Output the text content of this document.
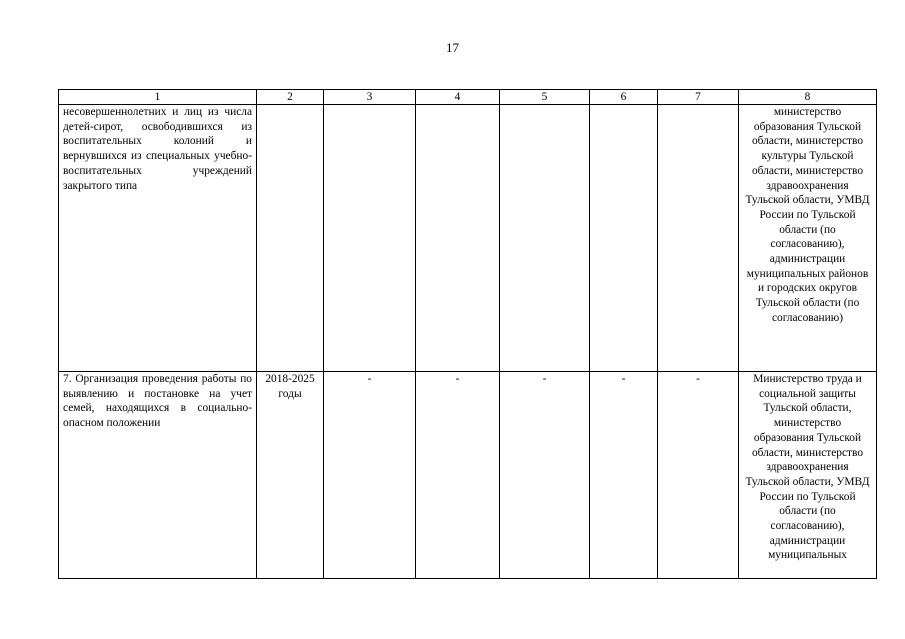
17
1	2	3	4	5	6	7	8
несовершеннолетних и лиц из числа детей-сирот, освободившихся из воспитательных колоний и вернувшихся из специальных учебно-воспитательных учреждений закрытого типа							министерство образования Тульской области, министерство культуры Тульской области, министерство здравоохранения Тульской области, УМВД России по Тульской области (по согласованию), администрации муниципальных районов и городских округов Тульской области (по согласованию)
7. Организация проведения работы по выявлению и постановке на учет семей, находящихся в социально-опасном положении	2018-2025 годы	-	-	-	-	-	Министерство труда и социальной защиты Тульской области, министерство образования Тульской области, министерство здравоохранения Тульской области, УМВД России по Тульской области (по согласованию), администрации муниципальных
